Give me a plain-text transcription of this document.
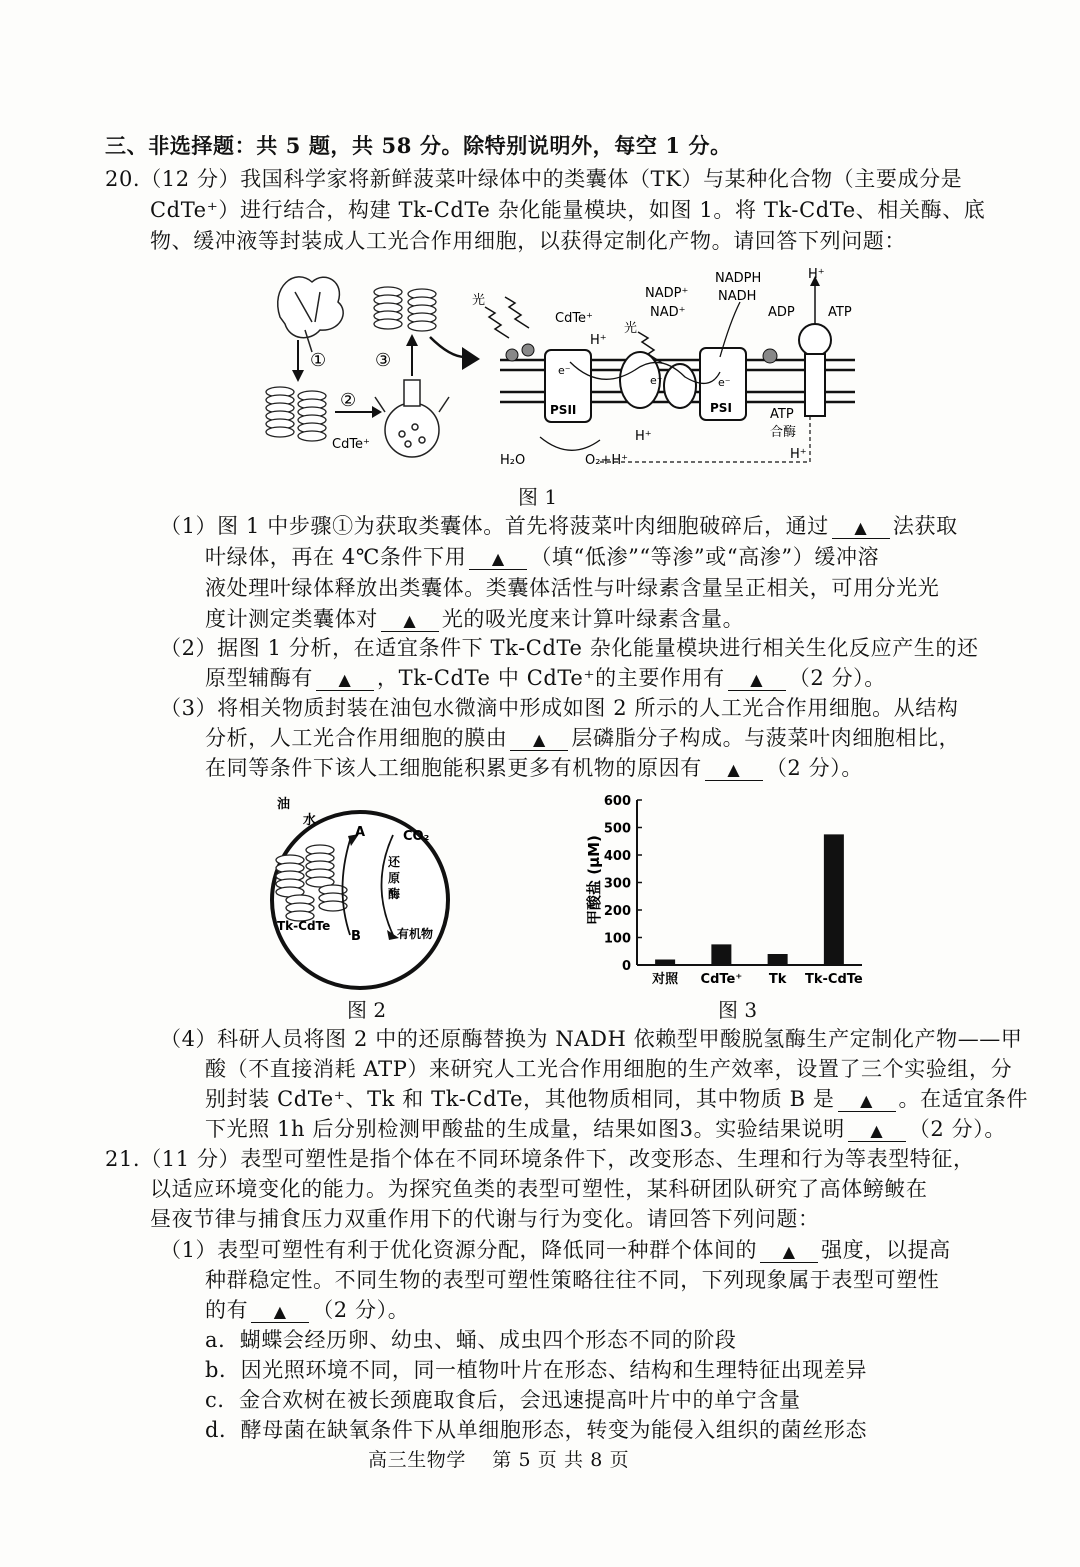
三、非选择题：共 5 题，共 58 分。除特别说明外，每空 1 分。
20.（12 分）我国科学家将新鲜菠菜叶绿体中的类囊体（TK）与某种化合物（主要成分是
CdTe⁺）进行结合，构建 Tk-CdTe 杂化能量模块，如图 1。将 Tk-CdTe、相关酶、底
物、缓冲液等封装成人工光合作用细胞，以获得定制化产物。请回答下列问题：
①
②
CdTe⁺
③
PSII	PSI
光
CdTe⁺
H⁺
光
NADP⁺
NAD⁺
NADPH
NADH
H⁺
ADP	ATP
e⁻
e⁻	e⁻
H⁺
H₂O	O₂+H⁺
ATP
合酶
H⁺
图 1
（1）图 1 中步骤①为获取类囊体。首先将菠菜叶肉细胞破碎后，通过 ▲ 法获取
叶绿体，再在 4℃条件下用 ▲ （填“低渗”“等渗”或“高渗”）缓冲溶
液处理叶绿体释放出类囊体。类囊体活性与叶绿素含量呈正相关，可用分光光
度计测定类囊体对 ▲ 光的吸光度来计算叶绿素含量。
（2）据图 1 分析，在适宜条件下 Tk-CdTe 杂化能量模块进行相关生化反应产生的还
原型辅酶有 ▲ ，Tk-CdTe 中 CdTe⁺的主要作用有 ▲ （2 分）。
（3）将相关物质封装在油包水微滴中形成如图 2 所示的人工光合作用细胞。从结构
分析，人工光合作用细胞的膜由 ▲ 层磷脂分子构成。与菠菜叶肉细胞相比，
在同等条件下该人工细胞能积累更多有机物的原因有 ▲ （2 分）。
油
水
Tk-CdTe
A
B
CO₂
还
原
酶
有机物
图 2
甲酸盐 (μM)
0
100
200
300
400
500
600
对照 CdTe⁺ Tk Tk-CdTe
图 3
（4）科研人员将图 2 中的还原酶替换为 NADH 依赖型甲酸脱氢酶生产定制化产物——甲
酸（不直接消耗 ATP）来研究人工光合作用细胞的生产效率，设置了三个实验组，分
别封装 CdTe⁺、Tk 和 Tk-CdTe，其他物质相同，其中物质 B 是 ▲ 。在适宜条件
下光照 1h 后分别检测甲酸盐的生成量，结果如图3。实验结果说明 ▲ （2 分）。
21.（11 分）表型可塑性是指个体在不同环境条件下，改变形态、生理和行为等表型特征，
以适应环境变化的能力。为探究鱼类的表型可塑性，某科研团队研究了高体鳑鲏在
昼夜节律与捕食压力双重作用下的代谢与行为变化。请回答下列问题：
（1）表型可塑性有利于优化资源分配，降低同一种群个体间的 ▲ 强度，以提高
种群稳定性。不同生物的表型可塑性策略往往不同，下列现象属于表型可塑性
的有 ▲ （2 分）。
a．蝴蝶会经历卵、幼虫、蛹、成虫四个形态不同的阶段
b．因光照环境不同，同一植物叶片在形态、结构和生理特征出现差异
c．金合欢树在被长颈鹿取食后，会迅速提高叶片中的单宁含量
d．酵母菌在缺氧条件下从单细胞形态，转变为能侵入组织的菌丝形态
高三生物学　 第 5 页 共 8 页
